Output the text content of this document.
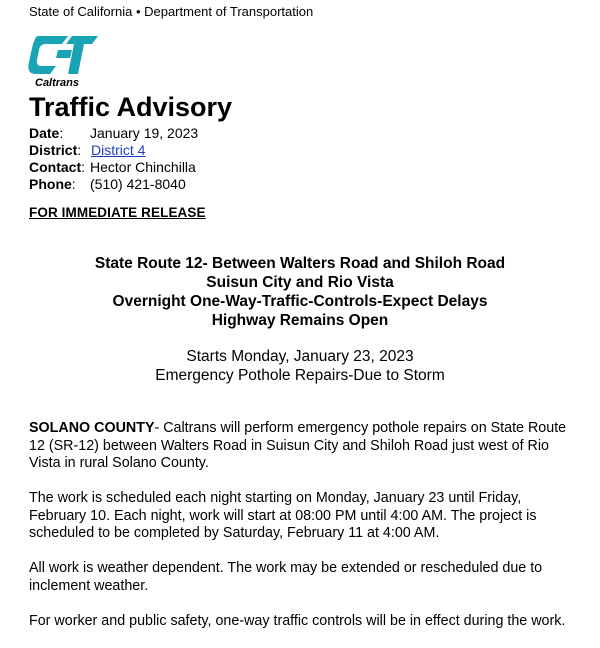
State of California • Department of Transportation
Caltrans
Traffic Advisory
Date: January 19, 2023
District: District 4
Contact: Hector Chinchilla
Phone: (510) 421-8040
FOR IMMEDIATE RELEASE
State Route 12- Between Walters Road and Shiloh Road
Suisun City and Rio Vista
Overnight One-Way-Traffic-Controls-Expect Delays
Highway Remains Open
Starts Monday, January 23, 2023
Emergency Pothole Repairs-Due to Storm

SOLANO COUNTY- Caltrans will perform emergency pothole repairs on State Route 12 (SR-12) between Walters Road in Suisun City and Shiloh Road just west of Rio Vista in rural Solano County.

The work is scheduled each night starting on Monday, January 23 until Friday, February 10. Each night, work will start at 08:00 PM until 4:00 AM. The project is scheduled to be completed by Saturday, February 11 at 4:00 AM.

All work is weather dependent. The work may be extended or rescheduled due to inclement weather.

For worker and public safety, one-way traffic controls will be in effect during the work.
